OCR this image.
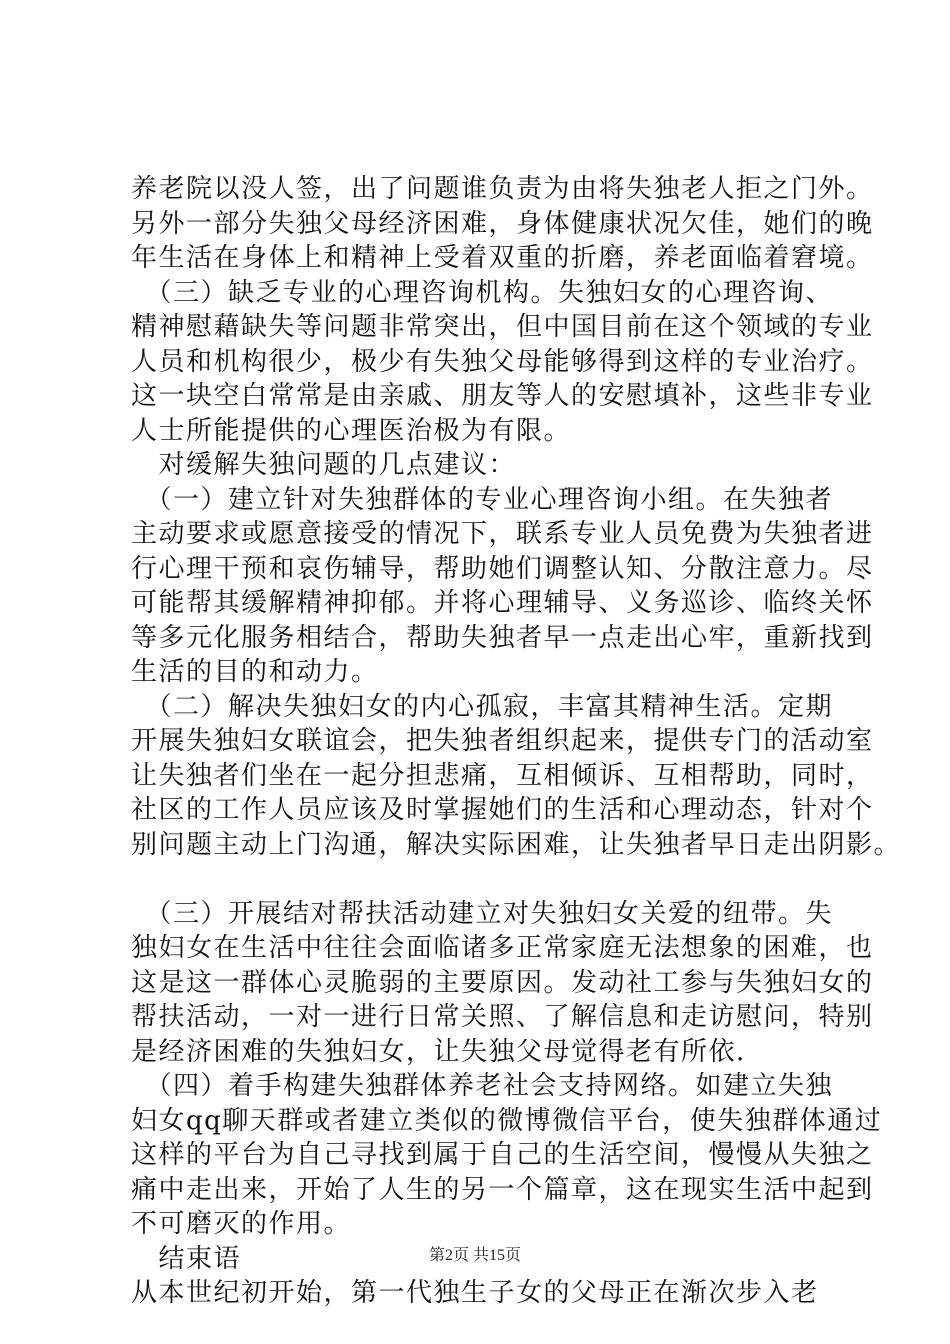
养老院以没人签，出了问题谁负责为由将失独老人拒之门外。
另外一部分失独父母经济困难，身体健康状况欠佳，她们的晚
年生活在身体上和精神上受着双重的折磨，养老面临着窘境。
　（三）缺乏专业的心理咨询机构。失独妇女的心理咨询、
精神慰藉缺失等问题非常突出，但中国目前在这个领域的专业
人员和机构很少，极少有失独父母能够得到这样的专业治疗。
这一块空白常常是由亲戚、朋友等人的安慰填补，这些非专业
人士所能提供的心理医治极为有限。
　对缓解失独问题的几点建议：
　（一）建立针对失独群体的专业心理咨询小组。在失独者
主动要求或愿意接受的情况下，联系专业人员免费为失独者进
行心理干预和哀伤辅导，帮助她们调整认知、分散注意力。尽
可能帮其缓解精神抑郁。并将心理辅导、义务巡诊、临终关怀
等多元化服务相结合，帮助失独者早一点走出心牢，重新找到
生活的目的和动力。
　（二）解决失独妇女的内心孤寂，丰富其精神生活。定期
开展失独妇女联谊会，把失独者组织起来，提供专门的活动室
让失独者们坐在一起分担悲痛，互相倾诉、互相帮助，同时，
社区的工作人员应该及时掌握她们的生活和心理动态，针对个
别问题主动上门沟通，解决实际困难，让失独者早日走出阴影。
　（三）开展结对帮扶活动建立对失独妇女关爱的纽带。失
独妇女在生活中往往会面临诸多正常家庭无法想象的困难，也
这是这一群体心灵脆弱的主要原因。发动社工参与失独妇女的
帮扶活动，一对一进行日常关照、了解信息和走访慰问，特别
是经济困难的失独妇女，让失独父母觉得老有所依.
　（四）着手构建失独群体养老社会支持网络。如建立失独
妇女qq聊天群或者建立类似的微博微信平台，使失独群体通过
这样的平台为自己寻找到属于自己的生活空间，慢慢从失独之
痛中走出来，开始了人生的另一个篇章，这在现实生活中起到
不可磨灭的作用。
　结束语
从本世纪初开始，第一代独生子女的父母正在渐次步入老
第2页 共15页
